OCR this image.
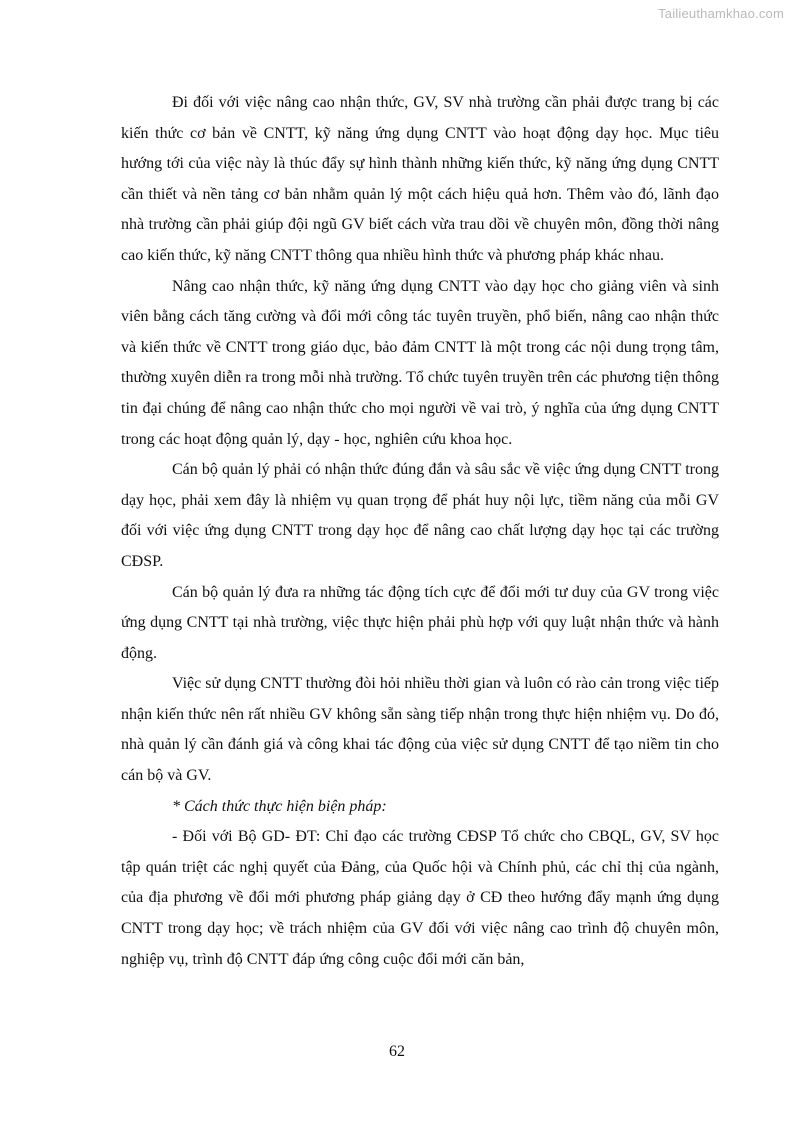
Tailieuthamkhao.com

Đi đối với việc nâng cao nhận thức, GV, SV nhà trường cần phải được trang bị các kiến thức cơ bản về CNTT, kỹ năng ứng dụng CNTT vào hoạt động dạy học. Mục tiêu hướng tới của việc này là thúc đẩy sự hình thành những kiến thức, kỹ năng ứng dụng CNTT cần thiết và nền tảng cơ bản nhằm quản lý một cách hiệu quả hơn. Thêm vào đó, lãnh đạo nhà trường cần phải giúp đội ngũ GV biết cách vừa trau dồi về chuyên môn, đồng thời nâng cao kiến thức, kỹ năng CNTT thông qua nhiều hình thức và phương pháp khác nhau.

Nâng cao nhận thức, kỹ năng ứng dụng CNTT vào dạy học cho giảng viên và sinh viên bằng cách tăng cường và đổi mới công tác tuyên truyền, phổ biến, nâng cao nhận thức và kiến thức về CNTT trong giáo dục, bảo đảm CNTT là một trong các nội dung trọng tâm, thường xuyên diễn ra trong mỗi nhà trường. Tổ chức tuyên truyền trên các phương tiện thông tin đại chúng để nâng cao nhận thức cho mọi người về vai trò, ý nghĩa của ứng dụng CNTT trong các hoạt động quản lý, dạy - học, nghiên cứu khoa học.

Cán bộ quản lý phải có nhận thức đúng đắn và sâu sắc về việc ứng dụng CNTT trong dạy học, phải xem đây là nhiệm vụ quan trọng để phát huy nội lực, tiềm năng của mỗi GV đối với việc ứng dụng CNTT trong dạy học để nâng cao chất lượng dạy học tại các trường CĐSP.

Cán bộ quản lý đưa ra những tác động tích cực để đổi mới tư duy của GV trong việc ứng dụng CNTT tại nhà trường, việc thực hiện phải phù hợp với quy luật nhận thức và hành động.

Việc sử dụng CNTT thường đòi hỏi nhiều thời gian và luôn có rào cản trong việc tiếp nhận kiến thức nên rất nhiều GV không sẵn sàng tiếp nhận trong thực hiện nhiệm vụ. Do đó, nhà quản lý cần đánh giá và công khai tác động của việc sử dụng CNTT để tạo niềm tin cho cán bộ và GV.

* Cách thức thực hiện biện pháp:

- Đối với Bộ GD- ĐT: Chỉ đạo các trường CĐSP Tổ chức cho CBQL, GV, SV học tập quán triệt các nghị quyết của Đảng, của Quốc hội và Chính phủ, các chỉ thị của ngành, của địa phương về đổi mới phương pháp giảng dạy ở CĐ theo hướng đẩy mạnh ứng dụng CNTT trong dạy học; về trách nhiệm của GV đối với việc nâng cao trình độ chuyên môn, nghiệp vụ, trình độ CNTT đáp ứng công cuộc đổi mới căn bản,

62
